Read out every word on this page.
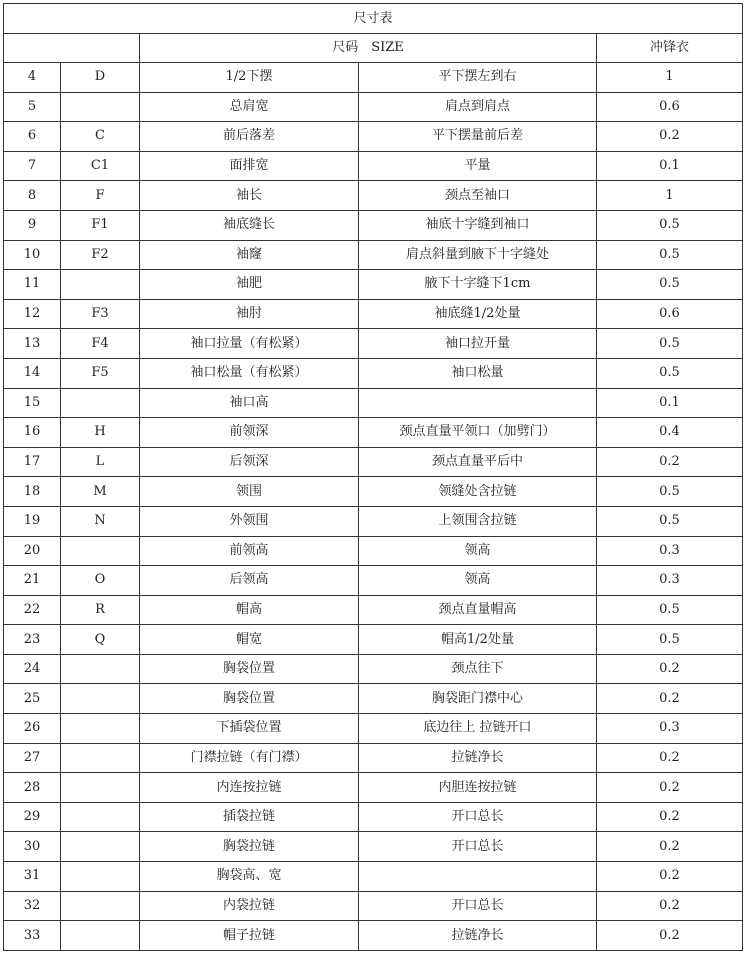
尺寸表				
		尺码　SIZE		冲锋衣
4	D	1/2下摆	平下摆左到右	1
5		总肩宽	肩点到肩点	0.6
6	C	前后落差	平下摆量前后差	0.2
7	C1	面排宽	平量	0.1
8	F	袖长	颈点至袖口	1
9	F1	袖底缝长	袖底十字缝到袖口	0.5
10	F2	袖窿	肩点斜量到腋下十字缝处	0.5
11		袖肥	腋下十字缝下1cm	0.5
12	F3	袖肘	袖底缝1/2处量	0.6
13	F4	袖口拉量（有松紧）	袖口拉开量	0.5
14	F5	袖口松量（有松紧）	袖口松量	0.5
15		袖口高		0.1
16	H	前领深	颈点直量平领口（加劈门）	0.4
17	L	后领深	颈点直量平后中	0.2
18	M	领围	领缝处含拉链	0.5
19	N	外领围	上领围含拉链	0.5
20		前领高	领高	0.3
21	O	后领高	领高	0.3
22	R	帽高	颈点直量帽高	0.5
23	Q	帽宽	帽高1/2处量	0.5
24		胸袋位置	颈点往下	0.2
25		胸袋位置	胸袋距门襟中心	0.2
26		下插袋位置	底边往上 拉链开口	0.3
27		门襟拉链（有门襟）	拉链净长	0.2
28		内连按拉链	内胆连按拉链	0.2
29		插袋拉链	开口总长	0.2
30		胸袋拉链	开口总长	0.2
31		胸袋高、宽		0.2
32		内袋拉链	开口总长	0.2
33		帽子拉链	拉链净长	0.2
